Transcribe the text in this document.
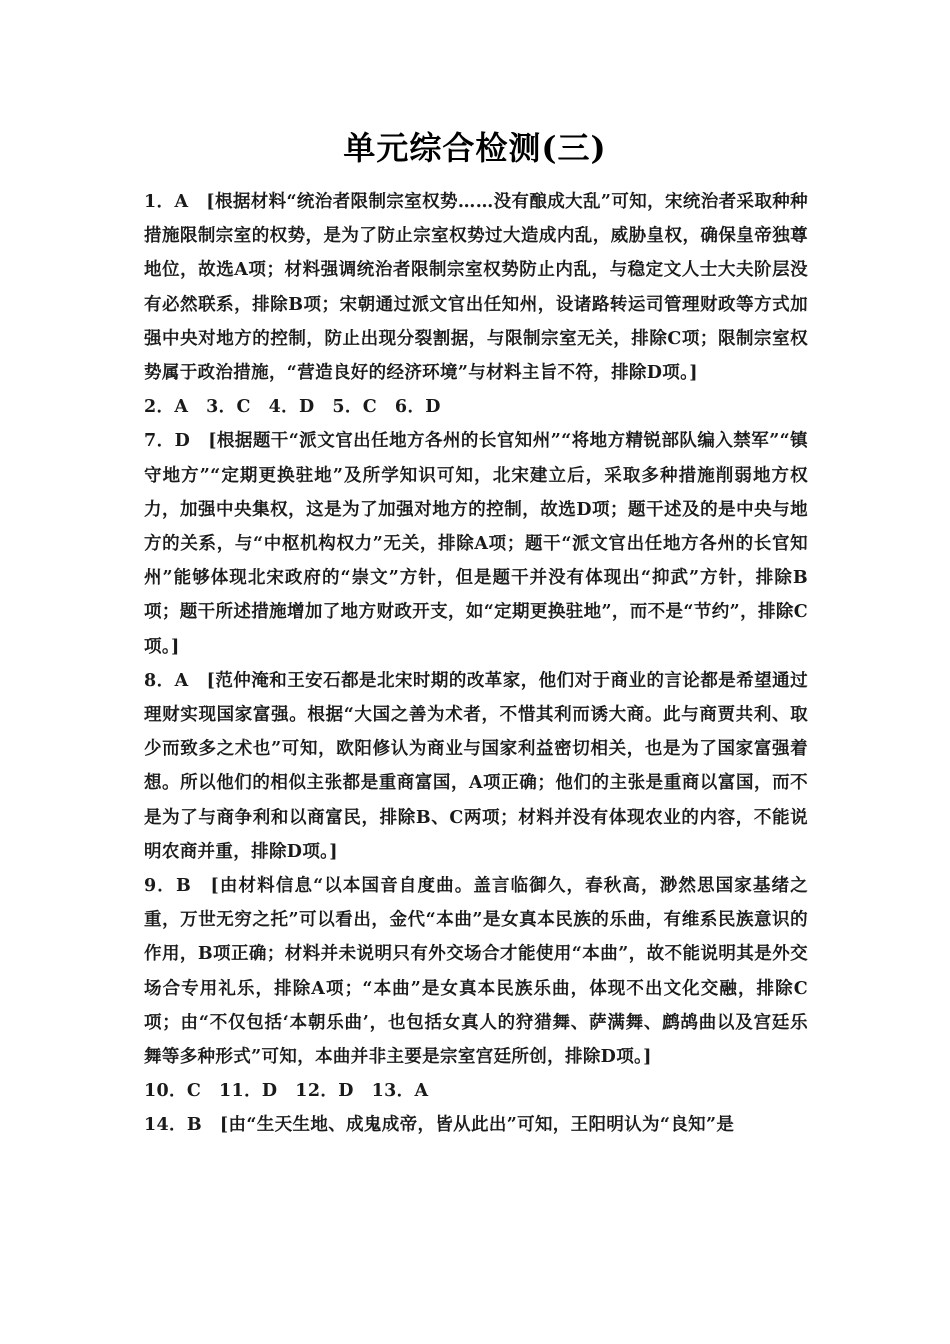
单元综合检测(三)

1．A　[根据材料“统治者限制宗室权势……没有酿成大乱”可知，宋统治者采取种种措施限制宗室的权势，是为了防止宗室权势过大造成内乱，威胁皇权，确保皇帝独尊地位，故选A项；材料强调统治者限制宗室权势防止内乱，与稳定文人士大夫阶层没有必然联系，排除B项；宋朝通过派文官出任知州，设诸路转运司管理财政等方式加强中央对地方的控制，防止出现分裂割据，与限制宗室无关，排除C项；限制宗室权势属于政治措施，“营造良好的经济环境”与材料主旨不符，排除D项。]

2．A　3．C　4．D　5．C　6．D

7．D　[根据题干“派文官出任地方各州的长官知州”“将地方精锐部队编入禁军”“镇守地方”“定期更换驻地”及所学知识可知，北宋建立后，采取多种措施削弱地方权力，加强中央集权，这是为了加强对地方的控制，故选D项；题干述及的是中央与地方的关系，与“中枢机构权力”无关，排除A项；题干“派文官出任地方各州的长官知州”能够体现北宋政府的“崇文”方针，但是题干并没有体现出“抑武”方针，排除B项；题干所述措施增加了地方财政开支，如“定期更换驻地”，而不是“节约”，排除C项。]

8．A　[范仲淹和王安石都是北宋时期的改革家，他们对于商业的言论都是希望通过理财实现国家富强。根据“大国之善为术者，不惜其利而诱大商。此与商贾共利、取少而致多之术也”可知，欧阳修认为商业与国家利益密切相关，也是为了国家富强着想。所以他们的相似主张都是重商富国，A项正确；他们的主张是重商以富国，而不是为了与商争利和以商富民，排除B、C两项；材料并没有体现农业的内容，不能说明农商并重，排除D项。]

9．B　[由材料信息“以本国音自度曲。盖言临御久，春秋高，渺然思国家基绪之重，万世无穷之托”可以看出，金代“本曲”是女真本民族的乐曲，有维系民族意识的作用，B项正确；材料并未说明只有外交场合才能使用“本曲”，故不能说明其是外交场合专用礼乐，排除A项；“本曲”是女真本民族乐曲，体现不出文化交融，排除C项；由“不仅包括‘本朝乐曲’，也包括女真人的狩猎舞、萨满舞、鹧鸪曲以及宫廷乐舞等多种形式”可知，本曲并非主要是宗室宫廷所创，排除D项。]

10．C　11．D　12．D　13．A

14．B　[由“生天生地、成鬼成帝，皆从此出”可知，王阳明认为“良知”是
